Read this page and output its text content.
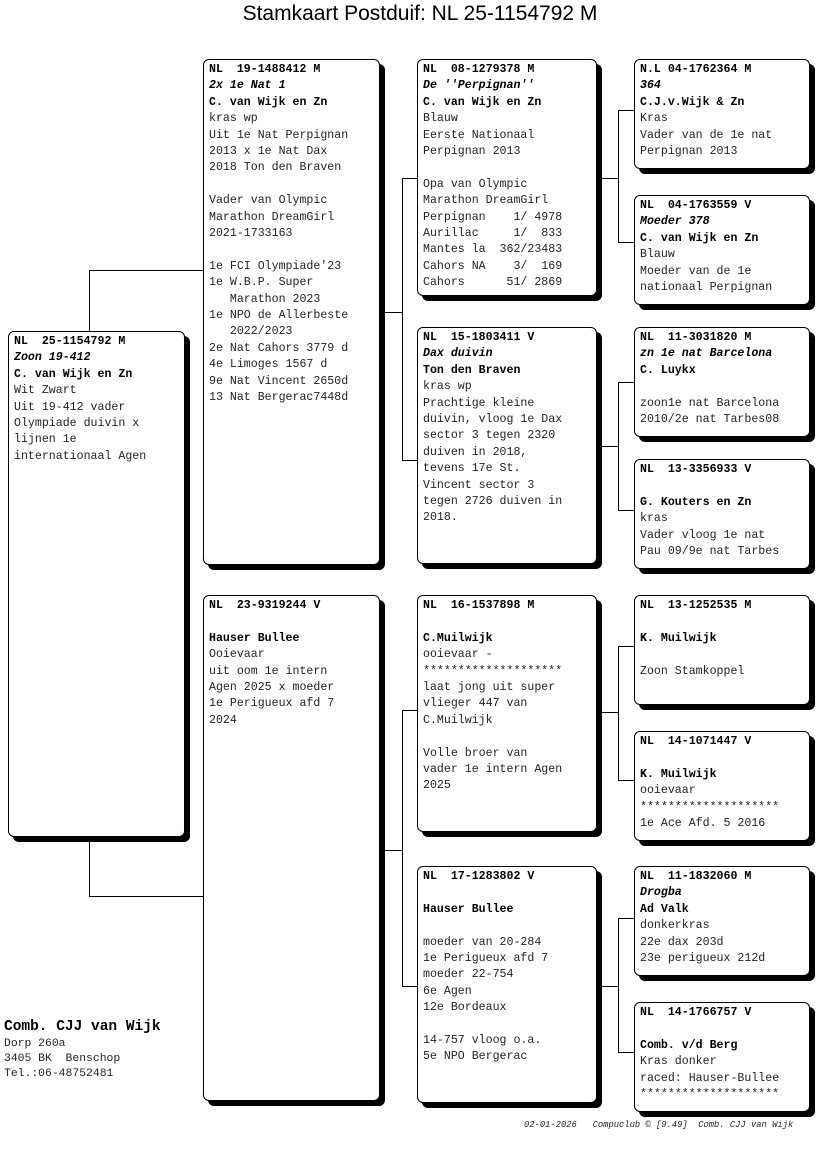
Stamkaart Postduif: NL 25-1154792 M
NL  25-1154792 M
Zoon 19-412
C. van Wijk en Zn
Wit Zwart
Uit 19-412 vader
Olympiade duivin x
lijnen 1e
internationaal Agen
NL  19-1488412 M
2x 1e Nat 1
C. van Wijk en Zn
kras wp
Uit 1e Nat Perpignan
2013 x 1e Nat Dax
2018 Ton den Braven
Vader van Olympic
Marathon DreamGirl
2021-1733163
1e FCI Olympiade'23
1e W.B.P. Super
Marathon 2023
1e NPO de Allerbeste
2022/2023
2e Nat Cahors 3779 d
4e Limoges 1567 d
9e Nat Vincent 2650d
13 Nat Bergerac7448d
NL  23-9319244 V
Hauser Bullee
Ooievaar
uit oom 1e intern
Agen 2025 x moeder
1e Perigueux afd 7
2024
NL  08-1279378 M
De ''Perpignan''
C. van Wijk en Zn
Blauw
Eerste Nationaal
Perpignan 2013
Opa van Olympic
Marathon DreamGirl
Perpignan    1/ 4978
Aurillac     1/  833
Mantes la  362/23483
Cahors NA    3/  169
Cahors      51/ 2869
NL  15-1803411 V
Dax duivin
Ton den Braven
kras wp
Prachtige kleine
duivin, vloog 1e Dax
sector 3 tegen 2320
duiven in 2018,
tevens 17e St.
Vincent sector 3
tegen 2726 duiven in
2018.
NL  16-1537898 M
C.Muilwijk
ooievaar -
********************
laat jong uit super
vlieger 447 van
C.Muilwijk
Volle broer van
vader 1e intern Agen
2025
NL  17-1283802 V
Hauser Bullee
moeder van 20-284
1e Perigueux afd 7
moeder 22-754
6e Agen
12e Bordeaux
14-757 vloog o.a.
5e NPO Bergerac
N.L 04-1762364 M
364
C.J.v.Wijk & Zn
Kras
Vader van de 1e nat
Perpignan 2013
NL  04-1763559 V
Moeder 378
C. van Wijk en Zn
Blauw
Moeder van de 1e
nationaal Perpignan
NL  11-3031820 M
zn 1e nat Barcelona
C. Luykx
zoon1e nat Barcelona
2010/2e nat Tarbes08
NL  13-3356933 V
G. Kouters en Zn
kras
Vader vloog 1e nat
Pau 09/9e nat Tarbes
NL  13-1252535 M
K. Muilwijk
Zoon Stamkoppel
NL  14-1071447 V
K. Muilwijk
ooievaar
********************
1e Ace Afd. 5 2016
NL  11-1832060 M
Drogba
Ad Valk
donkerkras
22e dax 203d
23e perigueux 212d
NL  14-1766757 V
Comb. v/d Berg
Kras donker
raced: Hauser-Bullee
********************
Comb. CJJ van Wijk
Dorp 260a
3405 BK  Benschop
Tel.:06-48752481
02-01-2026   Compuclub © [9.49]  Comb. CJJ van Wijk
